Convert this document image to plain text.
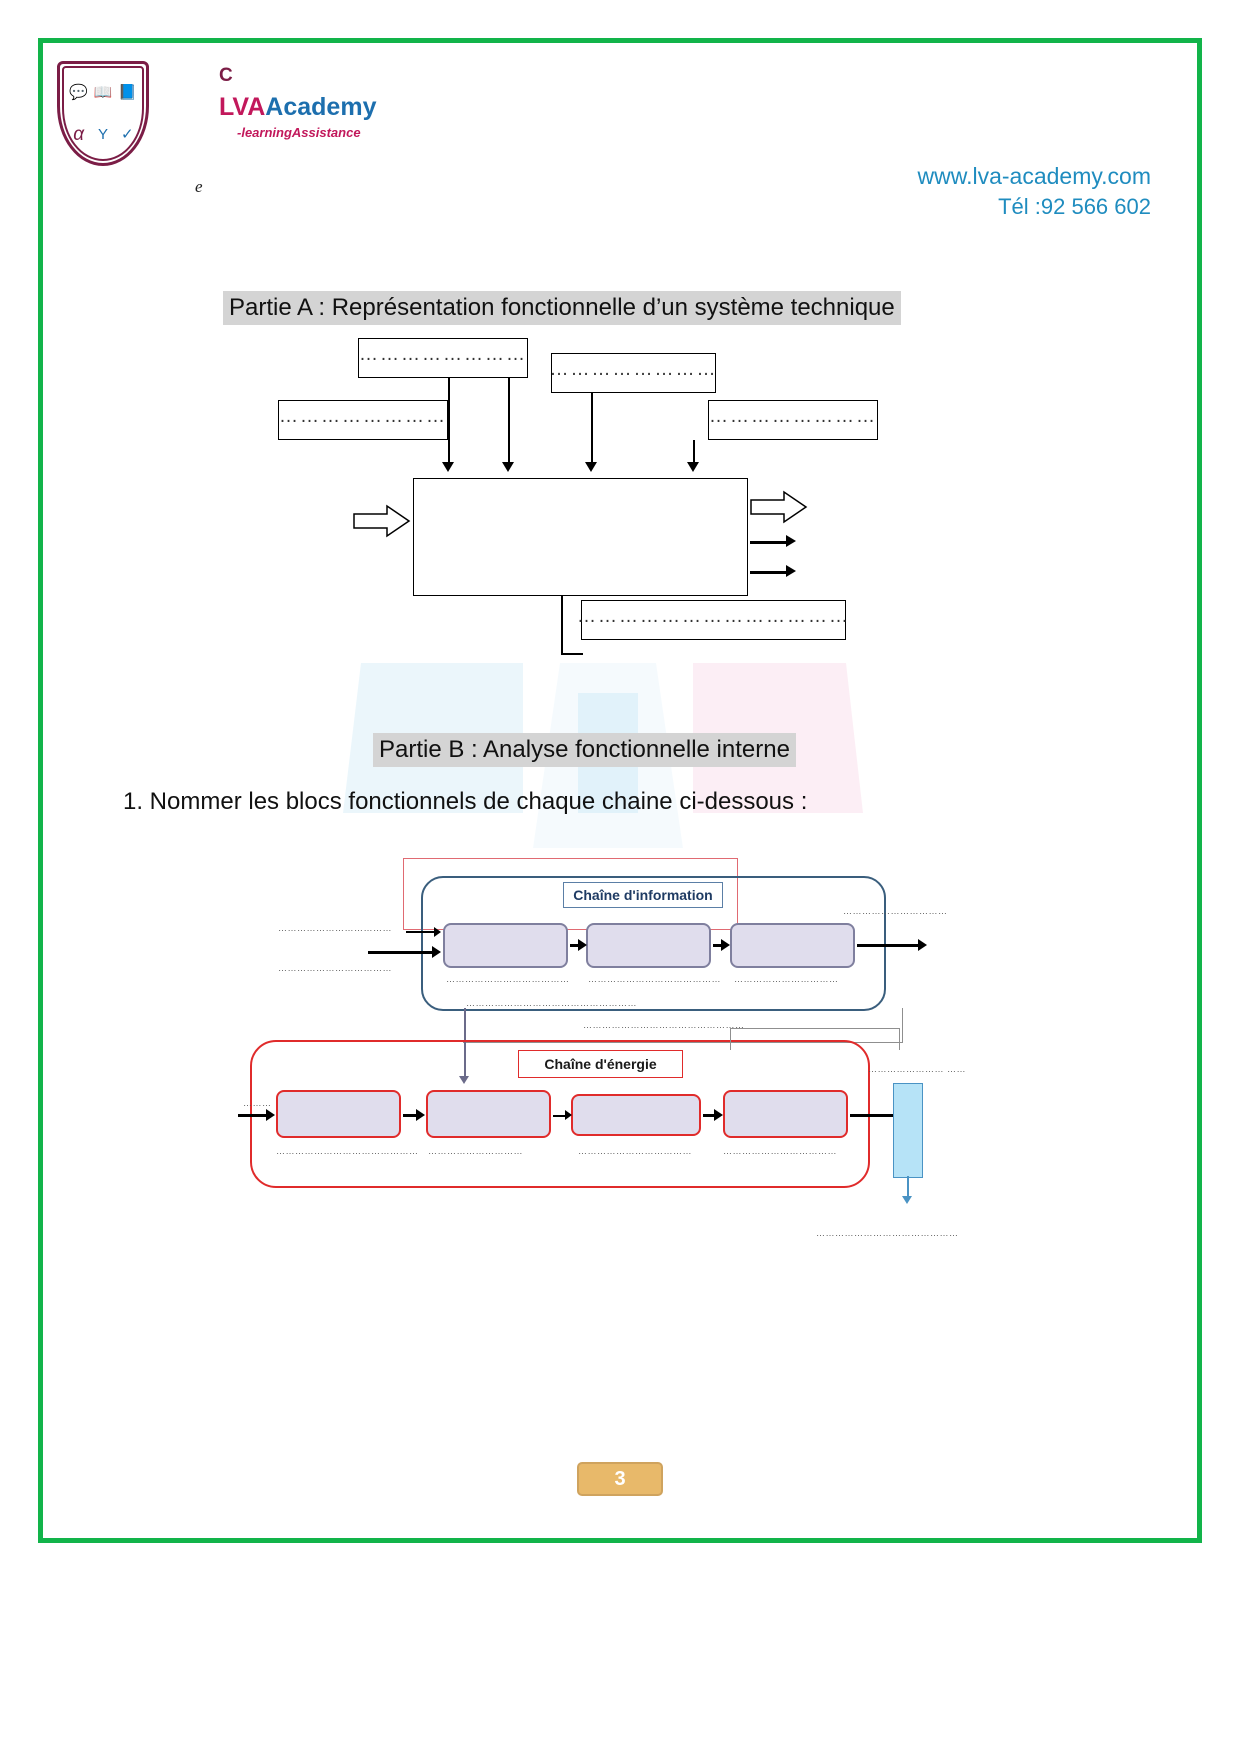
💬 📖 📘
α Y ✓
C
LVAAcademy
-learningAssistance
e	www.lva-academy.com
Tél :92 566 602
Partie A : Représentation fonctionnelle d’un système technique
……………………
……………………
……………………	……………………
…………………………………
Partie B : Analyse fonctionnelle interne
1. Nommer les blocs fonctionnels de chaque chaine ci-dessous :
Chaîne d'information
………………………………… …………………………………… ……………………………
………………………………
………………………………
……………………………
………………………………………………
……………………………………………
Chaîne d'énergie
……………………………………… …………………………	………………………………	………………………………
………
…………………… ……
………………………………………
3
